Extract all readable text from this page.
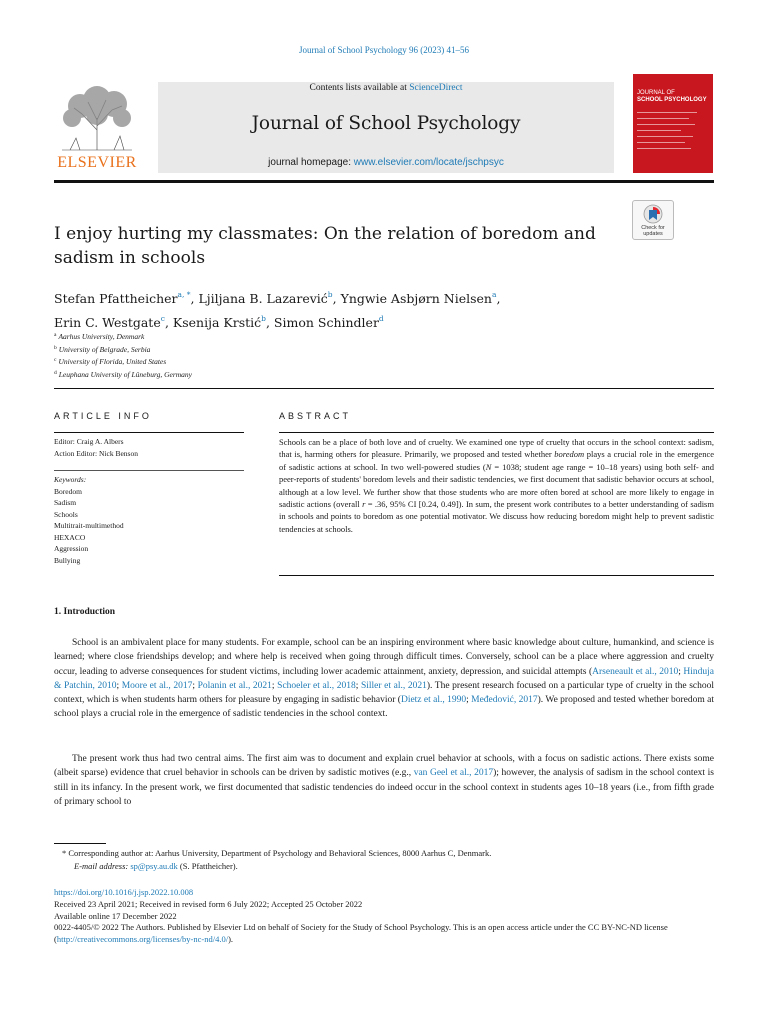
Journal of School Psychology 96 (2023) 41–56
ELSEVIER
Contents lists available at ScienceDirect
Journal of School Psychology
journal homepage: www.elsevier.com/locate/jschpsyc
JOURNAL OF
SCHOOL PSYCHOLOGY
Check for
updates
I enjoy hurting my classmates: On the relation of boredom and sadism in schools
Stefan Pfattheicher$^{a, *}$, Ljiljana B. Lazarević$^b$, Yngwie Asbjørn Nielsen$^a$,
Erin C. Westgate$^c$, Ksenija Krstić$^b$, Simon Schindler$^d$
$^a$ Aarhus University, Denmark
$^b$ University of Belgrade, Serbia
$^c$ University of Florida, United States
$^d$ Leuphana University of Lüneburg, Germany
ARTICLE INFO
Editor: Craig A. Albers
Action Editor: Nick Benson
Keywords:
Boredom
Sadism
Schools
Multitrait-multimethod
HEXACO
Aggression
Bullying
ABSTRACT
Schools can be a place of both love and of cruelty. We examined one type of cruelty that occurs in the school context: sadism, that is, harming others for pleasure. Primarily, we proposed and tested whether boredom plays a crucial role in the emergence of sadistic actions at school. In two well-powered studies (N = 1038; student age range = 10–18 years) using both self- and peer-reports of students' boredom levels and their sadistic tendencies, we first document that sadistic behavior occurs at school, although at a low level. We further show that those students who are more often bored at school are more likely to engage in sadistic actions (overall r = .36, 95% CI [0.24, 0.49]). In sum, the present work contributes to a better understanding of sadism in schools and points to boredom as one potential motivator. We discuss how reducing boredom might help to prevent sadistic tendencies at schools.
1. Introduction
School is an ambivalent place for many students. For example, school can be an inspiring environment where basic knowledge about culture, humankind, and science is learned; where close friendships develop; and where help is received when going through difficult times. Conversely, school can be a place where aggression and cruelty occur, leading to adverse consequences for student victims, including lower academic attainment, anxiety, depression, and suicidal attempts (Arseneault et al., 2010; Hinduja & Patchin, 2010; Moore et al., 2017; Polanin et al., 2021; Schoeler et al., 2018; Siller et al., 2021). The present research focused on a particular type of cruelty in the school context, which is when students harm others for pleasure by engaging in sadistic behavior (Dietz et al., 1990; Međedović, 2017). We proposed and tested whether boredom at school plays a crucial role in the emergence of sadistic tendencies in the school context.
The present work thus had two central aims. The first aim was to document and explain cruel behavior at schools, with a focus on sadistic actions. There exists some (albeit sparse) evidence that cruel behavior in schools can be driven by sadistic motives (e.g., van Geel et al., 2017); however, the analysis of sadism in the school context is still in its infancy. In the present work, we first documented that sadistic tendencies do indeed occur in the school context in students ages 10–18 years (i.e., from fifth grade of primary school to
* Corresponding author at: Aarhus University, Department of Psychology and Behavioral Sciences, 8000 Aarhus C, Denmark.
E-mail address: sp@psy.au.dk (S. Pfattheicher).
https://doi.org/10.1016/j.jsp.2022.10.008
Received 23 April 2021; Received in revised form 6 July 2022; Accepted 25 October 2022
Available online 17 December 2022
0022-4405/© 2022 The Authors. Published by Elsevier Ltd on behalf of Society for the Study of School Psychology. This is an open access article under the CC BY-NC-ND license (http://creativecommons.org/licenses/by-nc-nd/4.0/).
